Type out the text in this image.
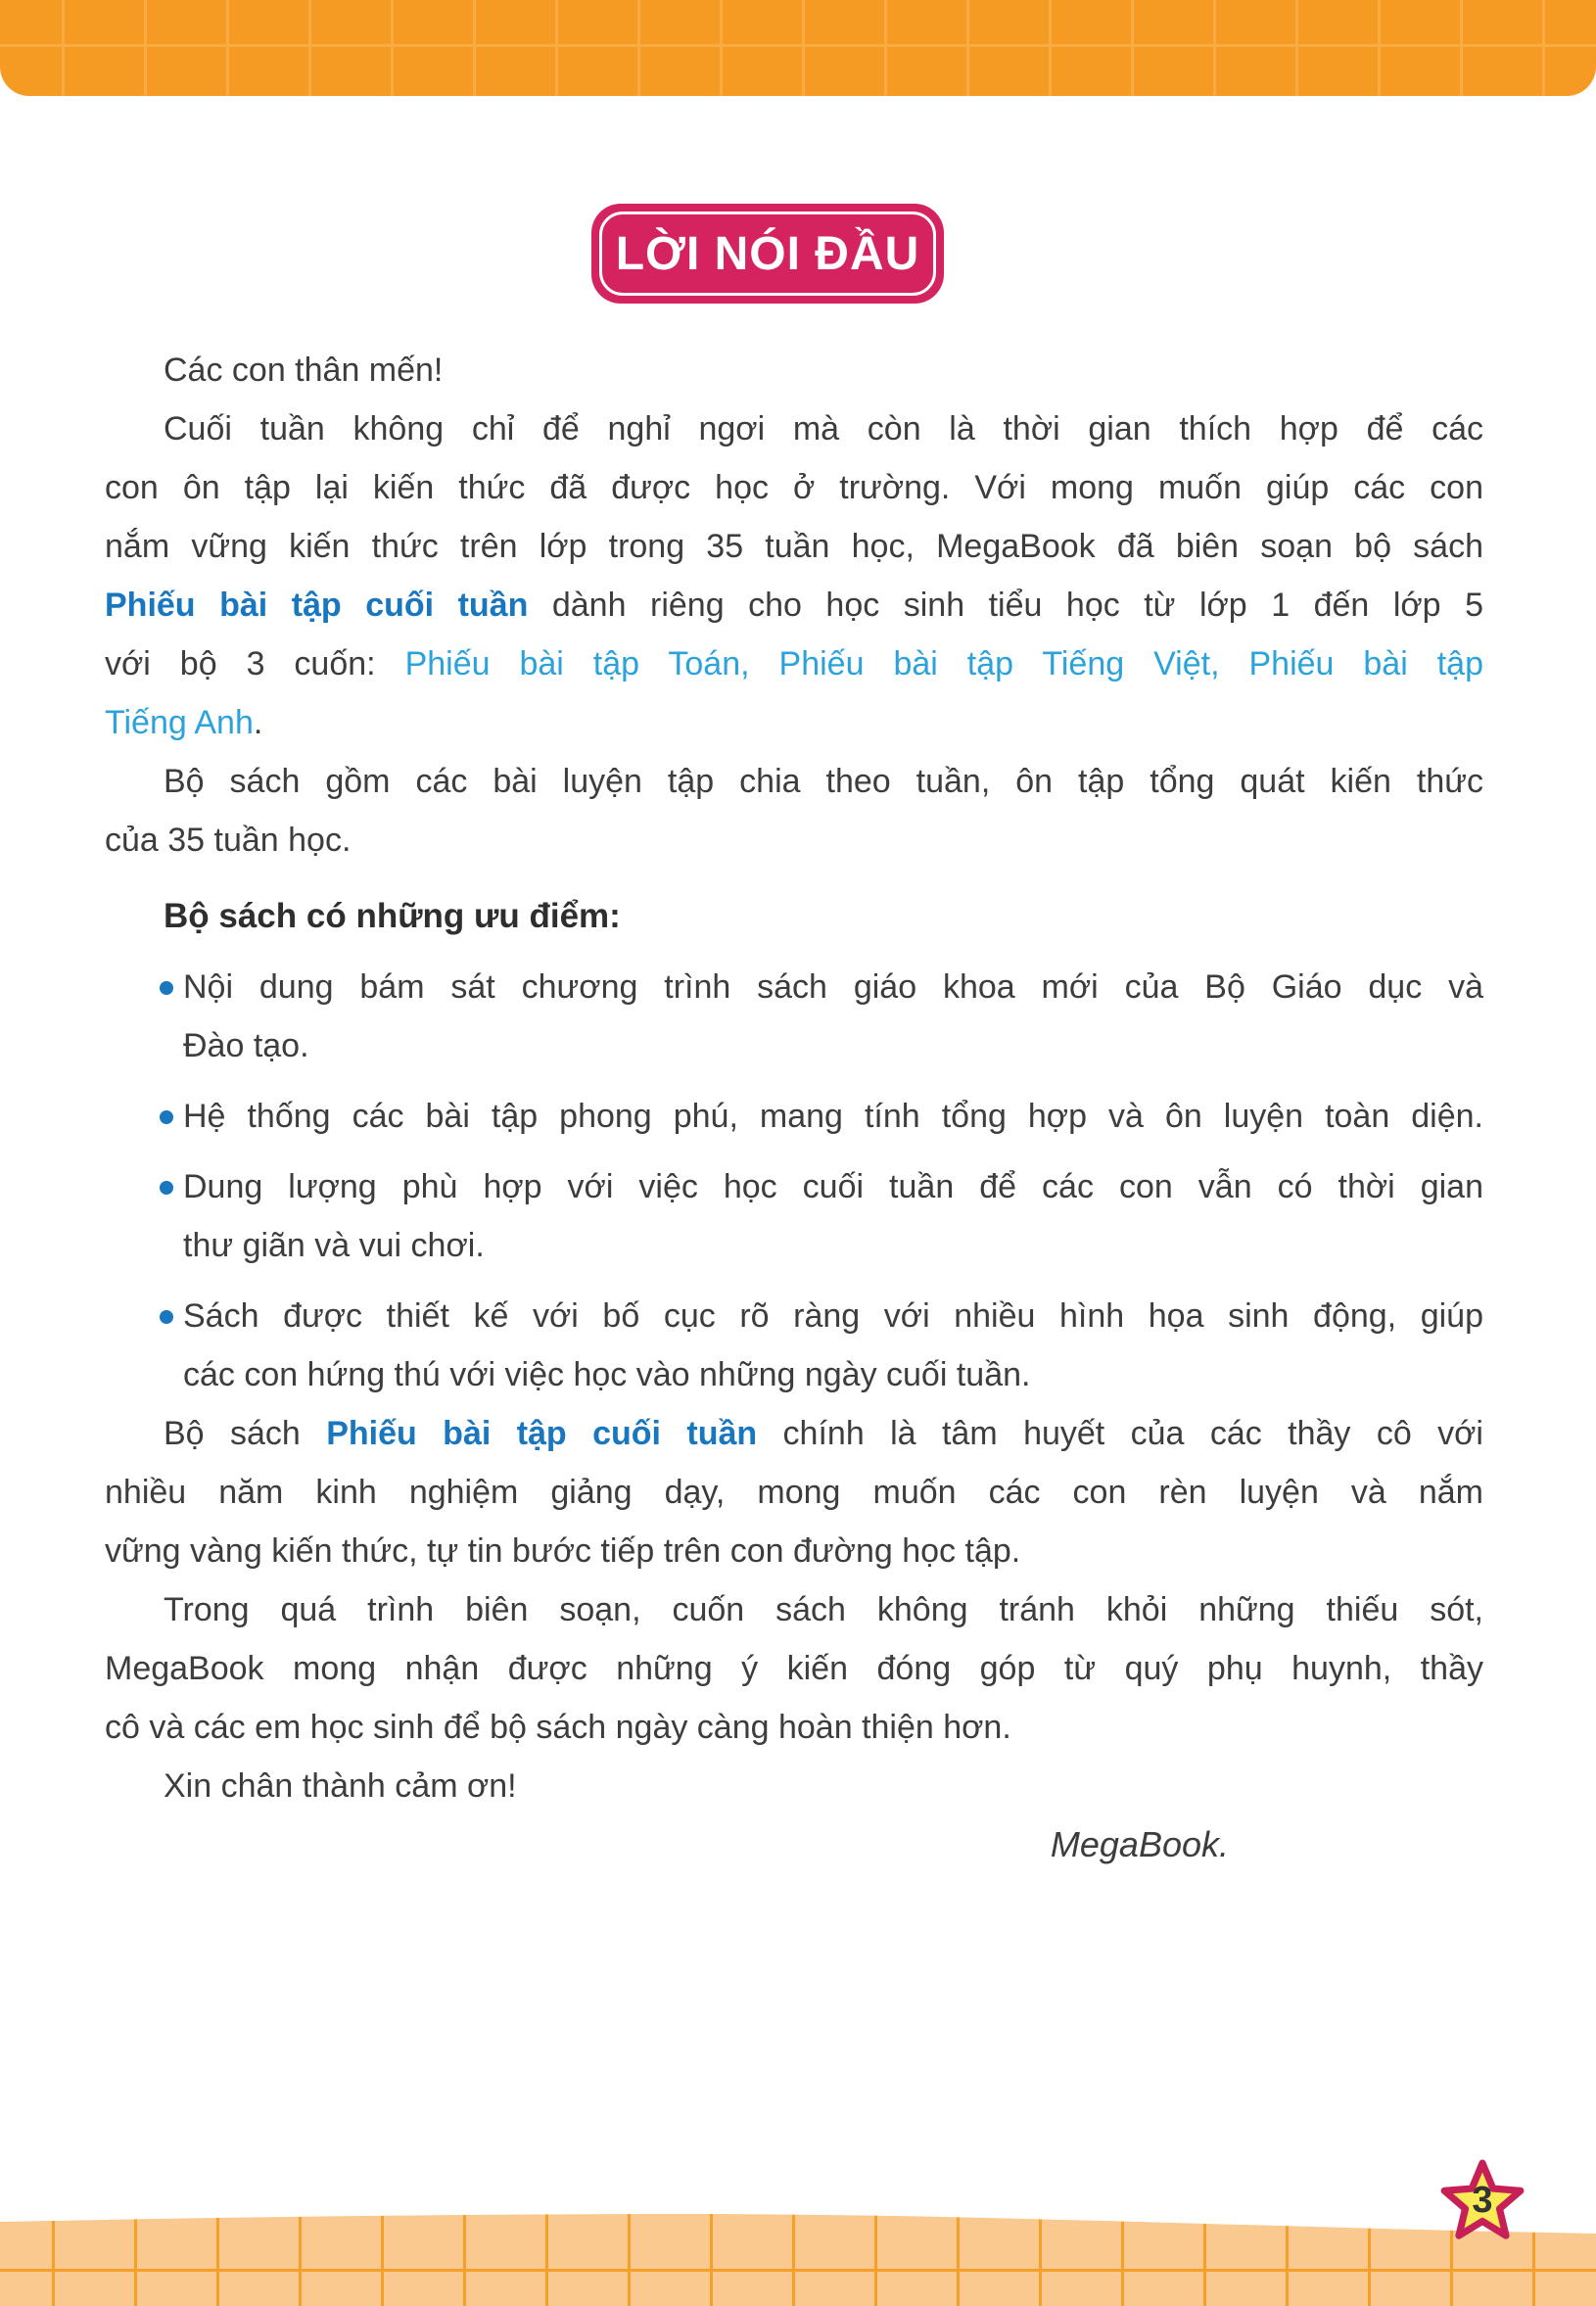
LỜI NÓI ĐẦU
Các con thân mến!
Cuối tuần không chỉ để nghỉ ngơi mà còn là thời gian thích hợp để các
con ôn tập lại kiến thức đã được học ở trường. Với mong muốn giúp các con
nắm vững kiến thức trên lớp trong 35 tuần học, MegaBook đã biên soạn bộ sách
Phiếu bài tập cuối tuần dành riêng cho học sinh tiểu học từ lớp 1 đến lớp 5
với bộ 3 cuốn: Phiếu bài tập Toán, Phiếu bài tập Tiếng Việt, Phiếu bài tập
Tiếng Anh.
Bộ sách gồm các bài luyện tập chia theo tuần, ôn tập tổng quát kiến thức
của 35 tuần học.
Bộ sách có những ưu điểm:
Nội dung bám sát chương trình sách giáo khoa mới của Bộ Giáo dục và
Đào tạo.
Hệ thống các bài tập phong phú, mang tính tổng hợp và ôn luyện toàn diện.
Dung lượng phù hợp với việc học cuối tuần để các con vẫn có thời gian
thư giãn và vui chơi.
Sách được thiết kế với bố cục rõ ràng với nhiều hình họa sinh động, giúp
các con hứng thú với việc học vào những ngày cuối tuần.
Bộ sách Phiếu bài tập cuối tuần chính là tâm huyết của các thầy cô với
nhiều năm kinh nghiệm giảng dạy, mong muốn các con rèn luyện và nắm
vững vàng kiến thức, tự tin bước tiếp trên con đường học tập.
Trong quá trình biên soạn, cuốn sách không tránh khỏi những thiếu sót,
MegaBook mong nhận được những ý kiến đóng góp từ quý phụ huynh, thầy
cô và các em học sinh để bộ sách ngày càng hoàn thiện hơn.
Xin chân thành cảm ơn!
MegaBook.
3
